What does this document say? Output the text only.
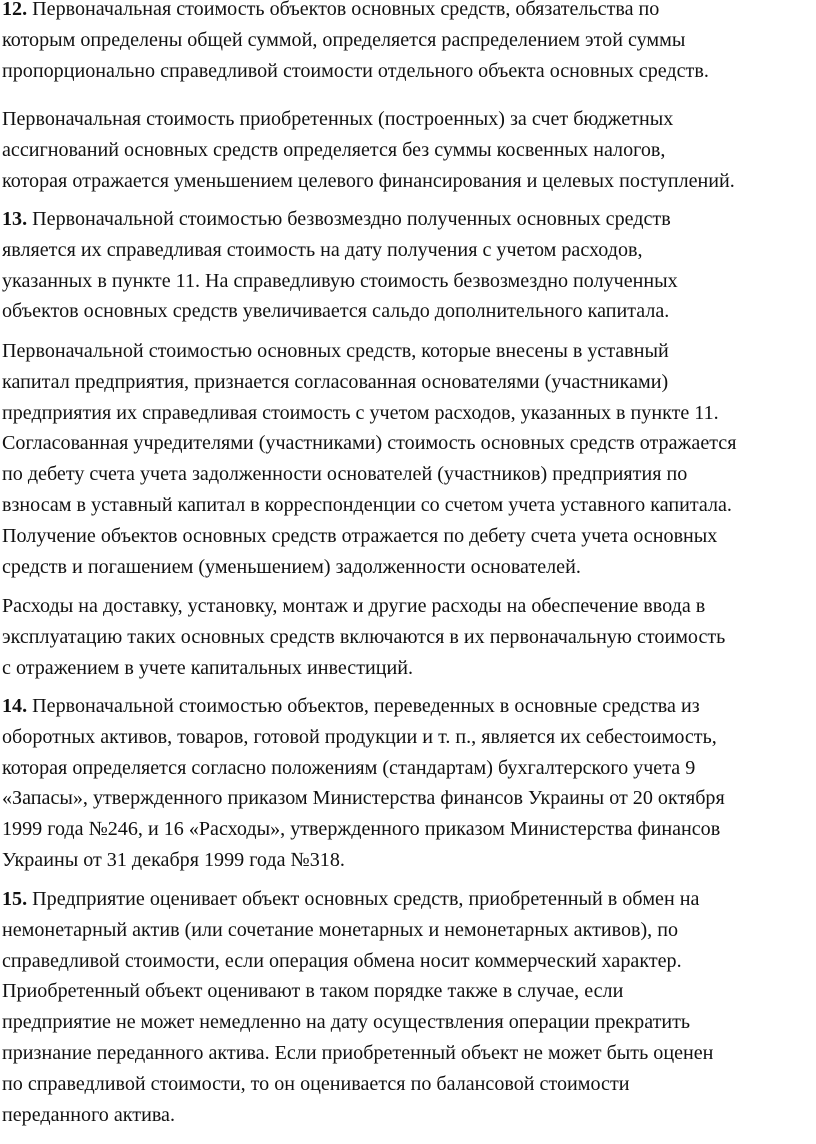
12. Первоначальная стоимость объектов основных средств, обязательства по
которым определены общей суммой, определяется распределением этой суммы
пропорционально справедливой стоимости отдельного объекта основных средств.

Первоначальная стоимость приобретенных (построенных) за счет бюджетных
ассигнований основных средств определяется без суммы косвенных налогов,
которая отражается уменьшением целевого финансирования и целевых поступлений.

13. Первоначальной стоимостью безвозмездно полученных основных средств
является их справедливая стоимость на дату получения с учетом расходов,
указанных в пункте 11. На справедливую стоимость безвозмездно полученных
объектов основных средств увеличивается сальдо дополнительного капитала.

Первоначальной стоимостью основных средств, которые внесены в уставный
капитал предприятия, признается согласованная основателями (участниками)
предприятия их справедливая стоимость с учетом расходов, указанных в пункте 11.
Согласованная учредителями (участниками) стоимость основных средств отражается
по дебету счета учета задолженности основателей (участников) предприятия по
взносам в уставный капитал в корреспонденции со счетом учета уставного капитала.
Получение объектов основных средств отражается по дебету счета учета основных
средств и погашением (уменьшением) задолженности основателей.

Расходы на доставку, установку, монтаж и другие расходы на обеспечение ввода в
эксплуатацию таких основных средств включаются в их первоначальную стоимость
с отражением в учете капитальных инвестиций.

14. Первоначальной стоимостью объектов, переведенных в основные средства из
оборотных активов, товаров, готовой продукции и т. п., является их себестоимость,
которая определяется согласно положениям (стандартам) бухгалтерского учета 9
«Запасы», утвержденного приказом Министерства финансов Украины от 20 октября
1999 года №246, и 16 «Расходы», утвержденного приказом Министерства финансов
Украины от 31 декабря 1999 года №318.

15. Предприятие оценивает объект основных средств, приобретенный в обмен на
немонетарный актив (или сочетание монетарных и немонетарных активов), по
справедливой стоимости, если операция обмена носит коммерческий характер.
Приобретенный объект оценивают в таком порядке также в случае, если
предприятие не может немедленно на дату осуществления операции прекратить
признание переданного актива. Если приобретенный объект не может быть оценен
по справедливой стоимости, то он оценивается по балансовой стоимости
переданного актива.
